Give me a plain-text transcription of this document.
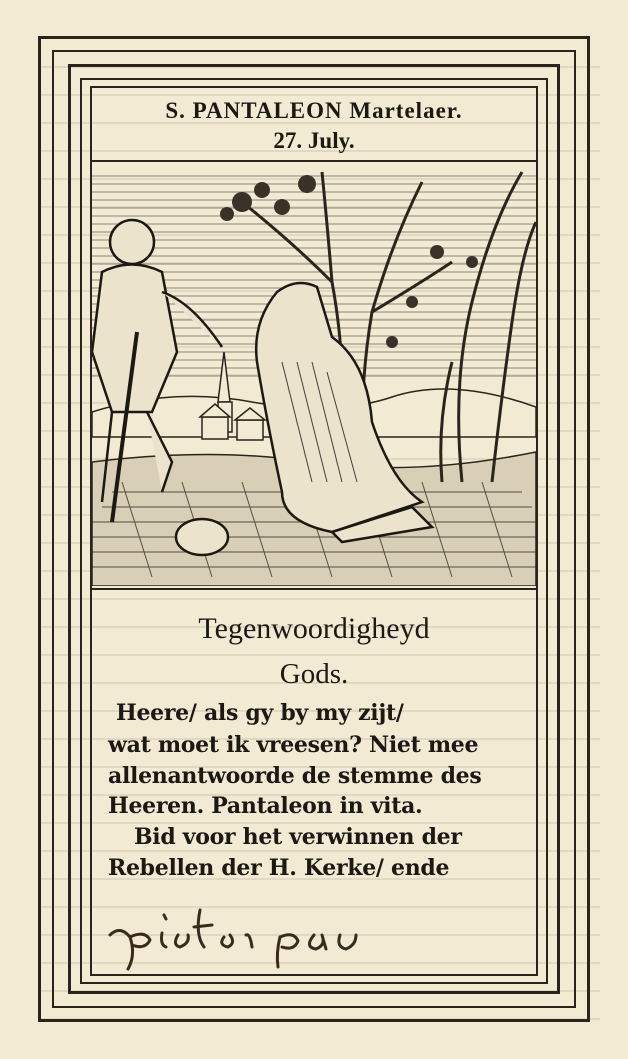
S. PANTALEON Martelaer.
27. July.
Tegenwoordigheyd
Gods.
Heere/ als gy by my zijt/
wat moet ik vreesen? Niet mee
allenantwoorde de stemme des
Heeren. Pantaleon in vita.
Bid voor het verwinnen der
Rebellen der H. Kerke/ ende
